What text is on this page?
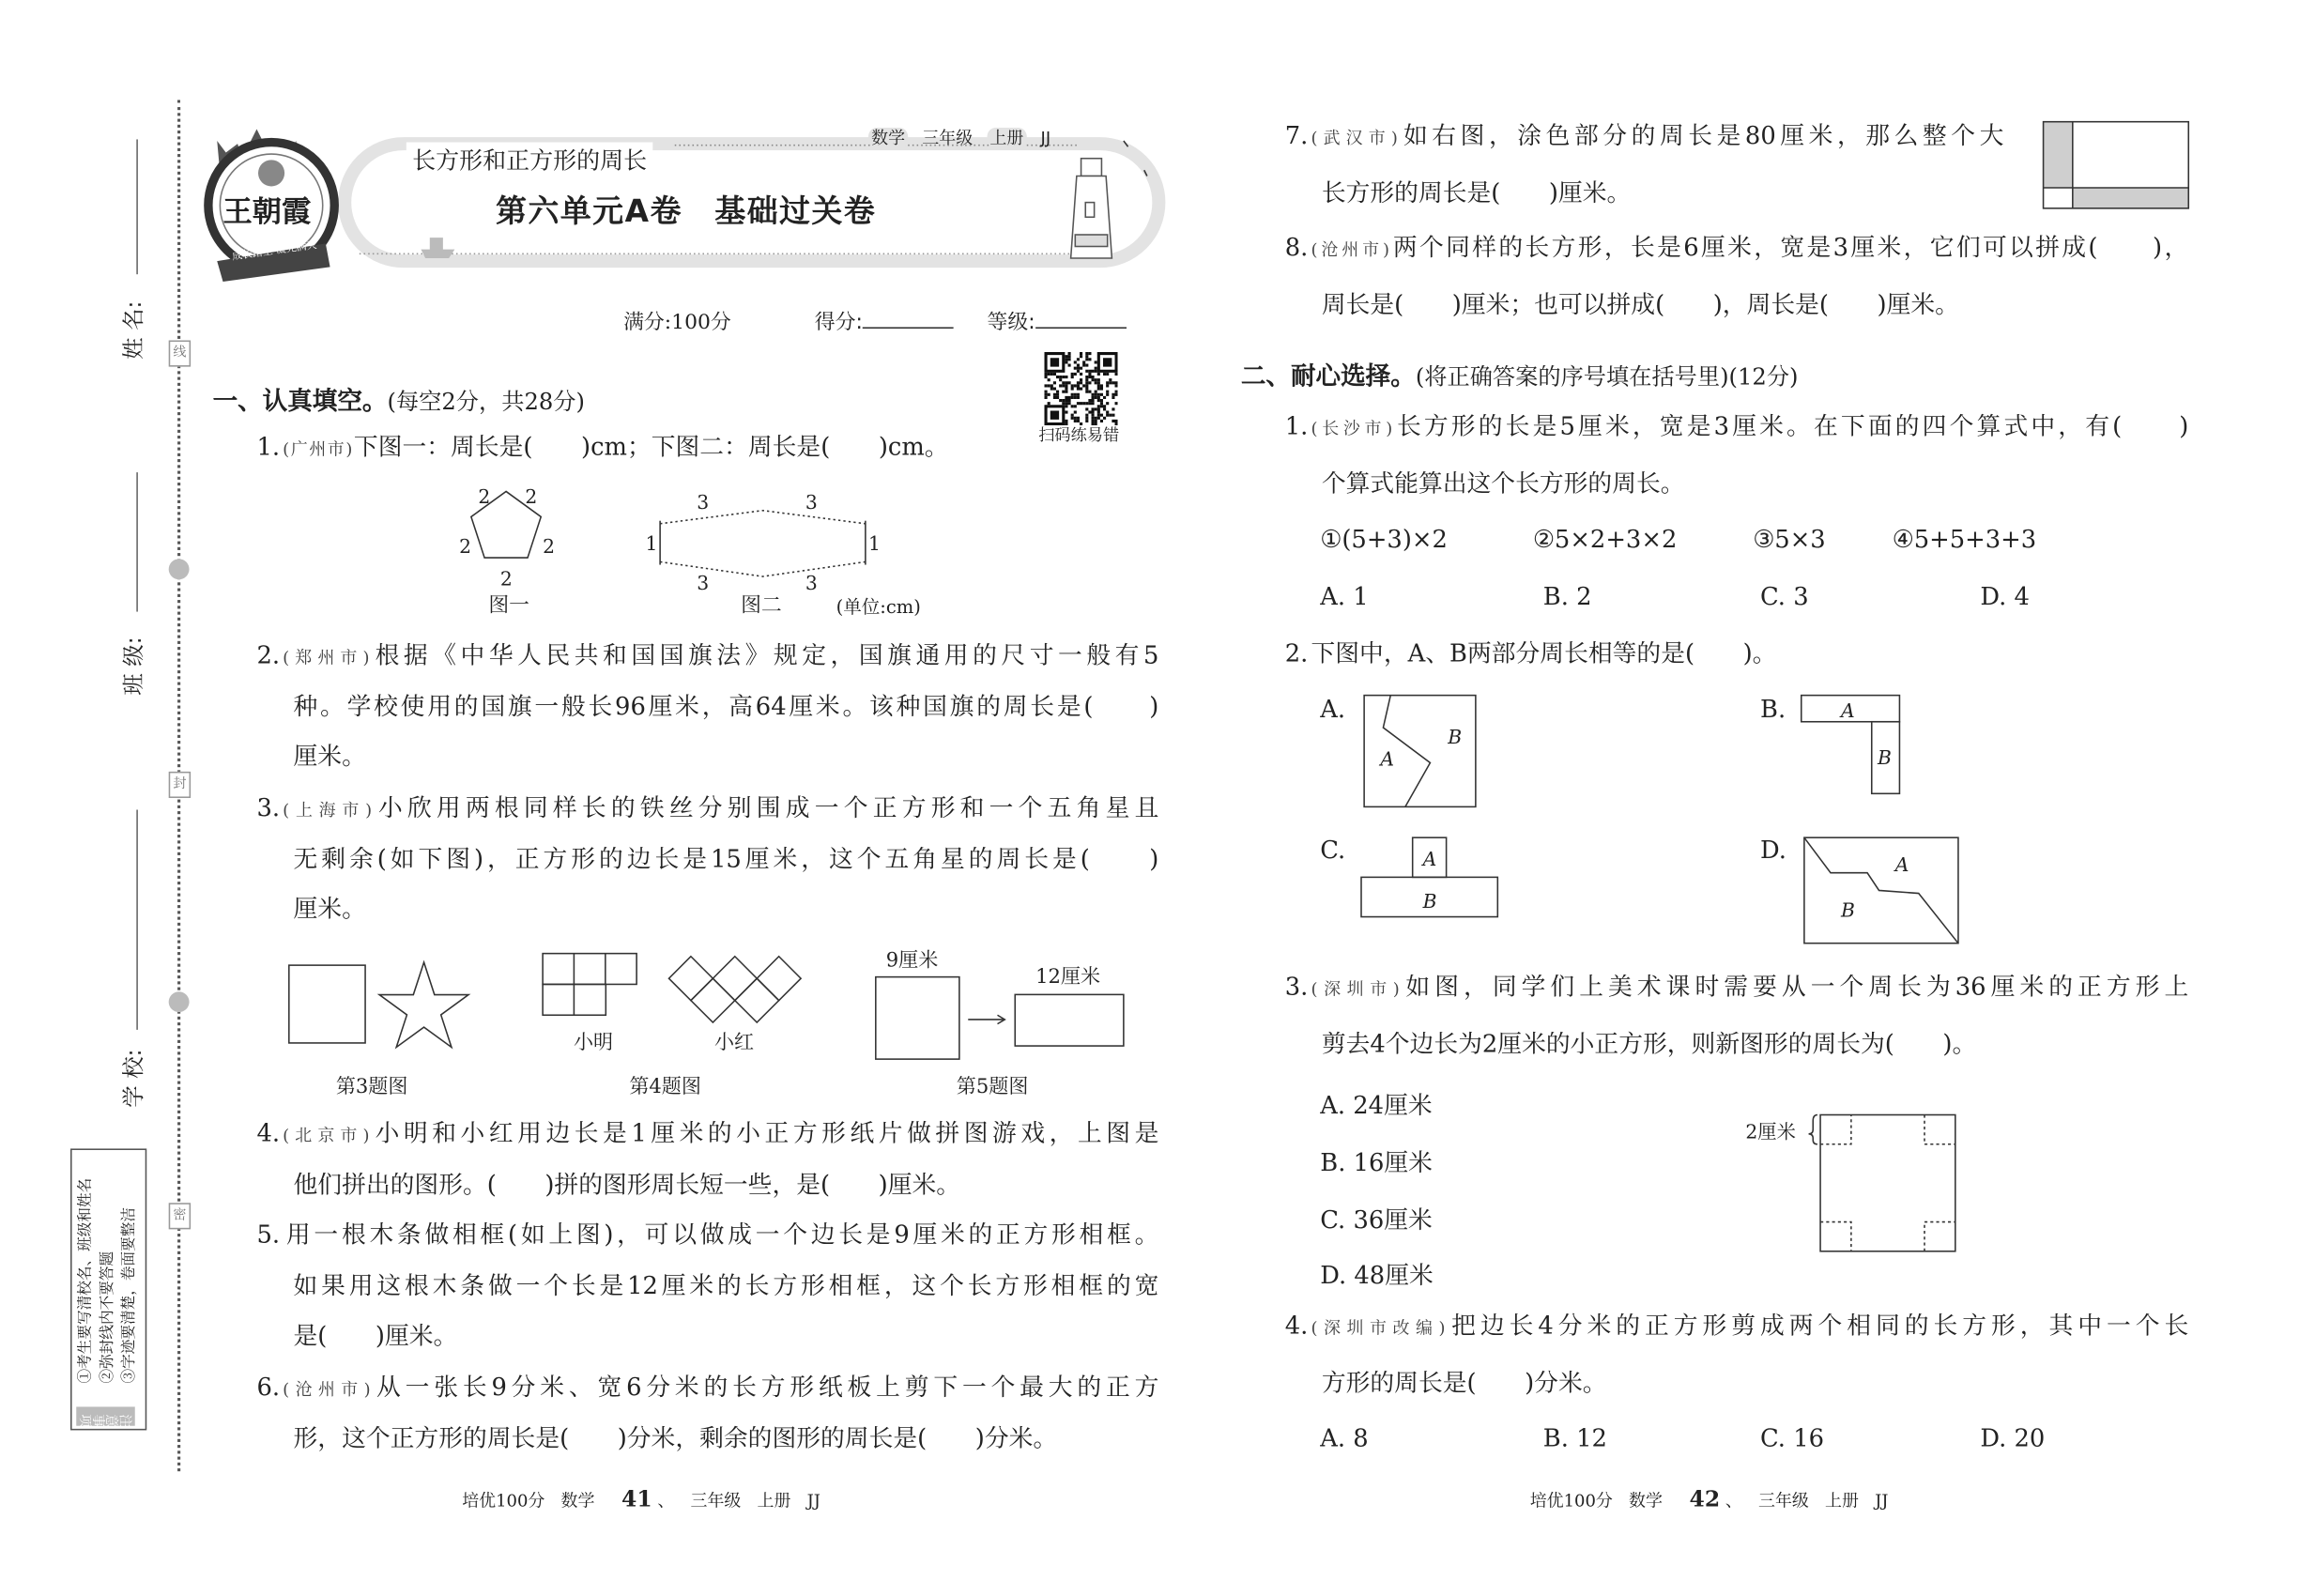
线
封
密
姓 名:
班 级:
学 校:
①考生要写清校名、班级和姓名 ②弥封线内不要答题 ③字迹要清楚，卷面要整洁
注意事项
王朝霞
成长路上 凝光满天
长方形和正方形的周长
数学 三年级 上册 JJ
第六单元A卷　基础过关卷
满分:100分	得分:	等级:
扫码练易错
一、认真填空。(每空2分，共28分)
1. (广州市)下图一：周长是(　　)cm；下图二：周长是(　　)cm。
2. (郑州市)根据《中华人民共和国国旗法》规定，国旗通用的尺寸一般有5
种。学校使用的国旗一般长96厘米，高64厘米。该种国旗的周长是(　　)
厘米。
3. (上海市)小欣用两根同样长的铁丝分别围成一个正方形和一个五角星且
无剩余(如下图)，正方形的边长是15厘米，这个五角星的周长是(　　)
厘米。
4. (北京市)小明和小红用边长是1厘米的小正方形纸片做拼图游戏，上图是
他们拼出的图形。(　　)拼的图形周长短一些，是(　　)厘米。
5. 用一根木条做相框(如上图)，可以做成一个边长是9厘米的正方形相框。
如果用这根木条做一个长是12厘米的长方形相框，这个长方形相框的宽
是(　　)厘米。
6. (沧州市)从一张长9分米、宽6分米的长方形纸板上剪下一个最大的正方
形，这个正方形的周长是(　　)分米，剩余的图形的周长是(　　)分米。
7. (武汉市)如右图，涂色部分的周长是80厘米，那么整个大
长方形的周长是(　　)厘米。
8. (沧州市)两个同样的长方形，长是6厘米，宽是3厘米，它们可以拼成(　　)，
周长是(　　)厘米；也可以拼成(　　)，周长是(　　)厘米。
二、耐心选择。(将正确答案的序号填在括号里)(12分)
1. (长沙市)长方形的长是5厘米，宽是3厘米。在下面的四个算式中，有(　　)
个算式能算出这个长方形的周长。
①(5+3)×2	②5×2+3×2	③5×3	④5+5+3+3
A. 1	B. 2	C. 3	D. 4
2. 下图中，A、B两部分周长相等的是(　　)。
A.	B.
C.	D.
3. (深圳市)如图，同学们上美术课时需要从一个周长为36厘米的正方形上
剪去4个边长为2厘米的小正方形，则新图形的周长为(　　)。
A. 24厘米
B. 16厘米
C. 36厘米
D. 48厘米
4. (深圳市改编)把边长4分米的正方形剪成两个相同的长方形，其中一个长
方形的周长是(　　)分米。
A. 8	B. 12	C. 16	D. 20
2	2
2	2
2
图一
3	3
3	3
1	1
图二	(单位:cm)
第3题图
小明	小红
第4题图
9厘米
12厘米
第5题图
A
B
A
B
A
B
A
B
2厘米
培优100分 数学 41 、 三年级 上册 JJ	培优100分 数学 42 、 三年级 上册 JJ
